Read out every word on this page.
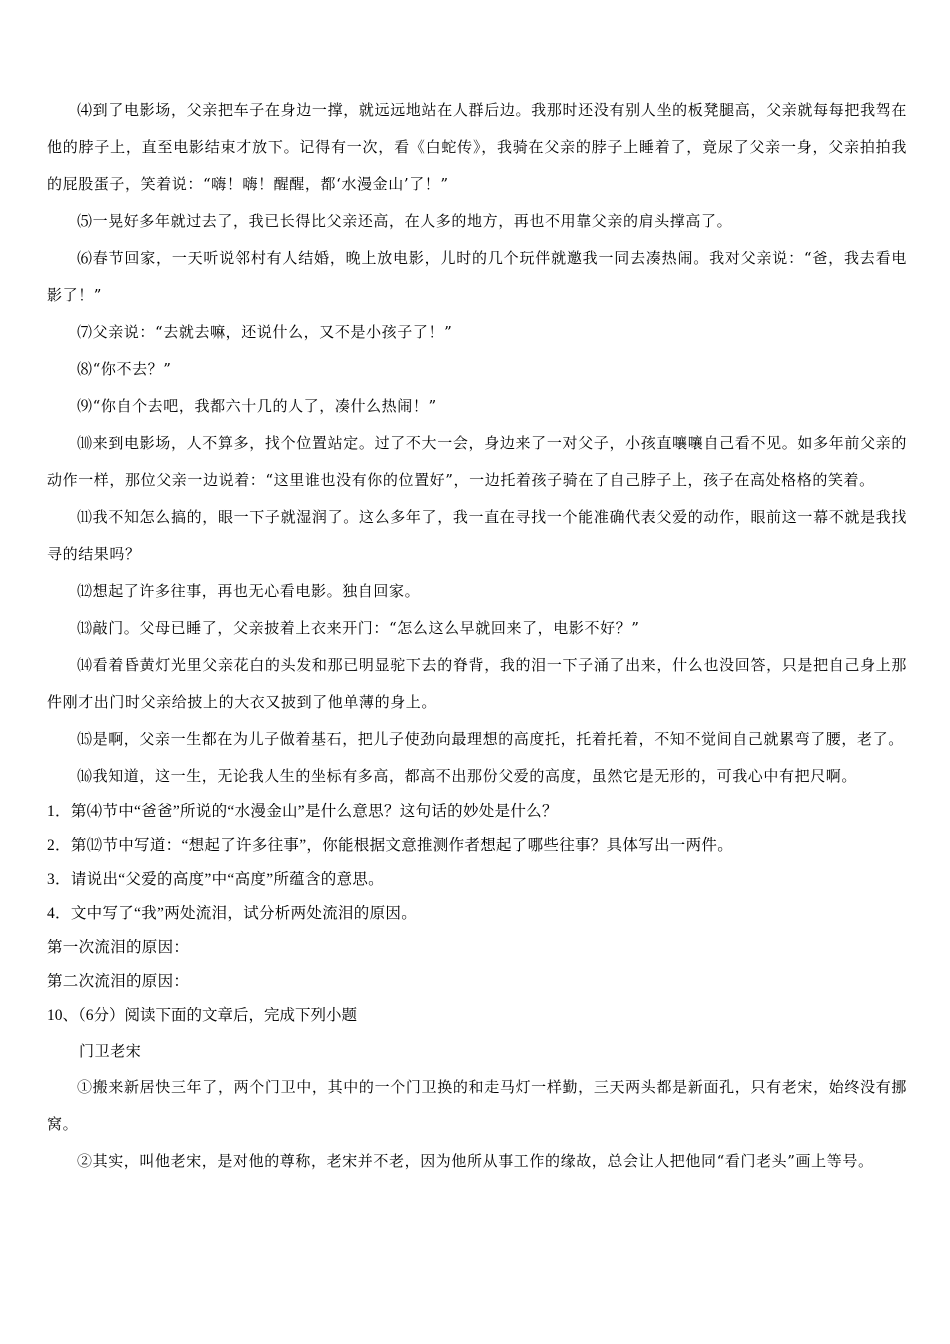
⑷到了电影场，父亲把车子在身边一撑，就远远地站在人群后边。我那时还没有别人坐的板凳腿高，父亲就每每把我驾在他的脖子上，直至电影结束才放下。记得有一次，看《白蛇传》，我骑在父亲的脖子上睡着了，竟尿了父亲一身，父亲拍拍我的屁股蛋子，笑着说：“嗨！嗨！醒醒，都‘水漫金山’了！”

⑸一晃好多年就过去了，我已长得比父亲还高，在人多的地方，再也不用靠父亲的肩头撑高了。

⑹春节回家，一天听说邻村有人结婚，晚上放电影，儿时的几个玩伴就邀我一同去凑热闹。我对父亲说：“爸，我去看电影了！”

⑺父亲说：“去就去嘛，还说什么，又不是小孩子了！”

⑻“你不去？”

⑼“你自个去吧，我都六十几的人了，凑什么热闹！”

⑽来到电影场，人不算多，找个位置站定。过了不大一会，身边来了一对父子，小孩直嚷嚷自己看不见。如多年前父亲的动作一样，那位父亲一边说着：“这里谁也没有你的位置好”，一边托着孩子骑在了自己脖子上，孩子在高处格格的笑着。

⑾我不知怎么搞的，眼一下子就湿润了。这么多年了，我一直在寻找一个能准确代表父爱的动作，眼前这一幕不就是我找寻的结果吗？

⑿想起了许多往事，再也无心看电影。独自回家。

⒀敲门。父母已睡了，父亲披着上衣来开门：“怎么这么早就回来了，电影不好？”

⒁看着昏黄灯光里父亲花白的头发和那已明显驼下去的脊背，我的泪一下子涌了出来，什么也没回答，只是把自己身上那件刚才出门时父亲给披上的大衣又披到了他单薄的身上。

⒂是啊，父亲一生都在为儿子做着基石，把儿子使劲向最理想的高度托，托着托着，不知不觉间自己就累弯了腰，老了。

⒃我知道，这一生，无论我人生的坐标有多高，都高不出那份父爱的高度，虽然它是无形的，可我心中有把尺啊。

1．第⑷节中“爸爸”所说的“水漫金山”是什么意思？这句话的妙处是什么？

2．第⑿节中写道：“想起了许多往事”，你能根据文意推测作者想起了哪些往事？具体写出一两件。

3．请说出“父爱的高度”中“高度”所蕴含的意思。

4．文中写了“我”两处流泪，试分析两处流泪的原因。

第一次流泪的原因：

第二次流泪的原因：

10、（6分）阅读下面的文章后，完成下列小题

门卫老宋

①搬来新居快三年了，两个门卫中，其中的一个门卫换的和走马灯一样勤，三天两头都是新面孔，只有老宋，始终没有挪窝。

②其实，叫他老宋，是对他的尊称，老宋并不老，因为他所从事工作的缘故，总会让人把他同“看门老头”画上等号。
